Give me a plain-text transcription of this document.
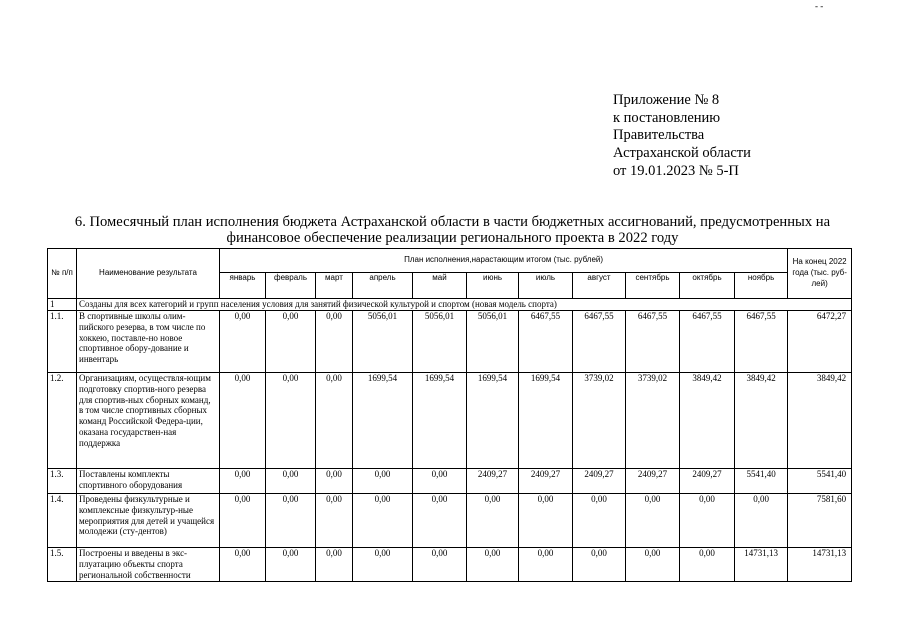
- -
Приложение № 8
к постановлению
Правительства
Астраханской области
от 19.01.2023 № 5-П
6. Помесячный план исполнения бюджета Астраханской области в части бюджетных ассигнований, предусмотренных на финансовое обеспечение реализации регионального проекта в 2022 году
№ п/п	Наименование результата	План исполнения,нарастающим итогом (тыс. рублей)											На конец 2022 года (тыс. руб-лей)
		январь	февраль	март	апрель	май	июнь	июль	август	сентябрь	октябрь	ноябрь	
1	Созданы для всех категорий и групп населения условия для занятий физической культурой и спортом (новая модель спорта)												
1.1.	В спортивные школы олим-пийского резерва, в том числе по хоккею, поставле-но новое спортивное обору-дование и инвентарь	0,00	0,00	0,00	5056,01	5056,01	5056,01	6467,55	6467,55	6467,55	6467,55	6467,55	6472,27
1.2.	Организациям, осуществля-ющим подготовку спортив-ного резерва для спортив-ных сборных команд, в том числе спортивных сборных команд Российской Федера-ции, оказана государствен-ная поддержка	0,00	0,00	0,00	1699,54	1699,54	1699,54	1699,54	3739,02	3739,02	3849,42	3849,42	3849,42
1.3.	Поставлены комплекты спортивного оборудования	0,00	0,00	0,00	0,00	0,00	2409,27	2409,27	2409,27	2409,27	2409,27	5541,40	5541,40
1.4.	Проведены физкультурные и комплексные физкультур-ные мероприятия для детей и учащейся молодежи (сту-дентов)	0,00	0,00	0,00	0,00	0,00	0,00	0,00	0,00	0,00	0,00	0,00	7581,60
1.5.	Построены и введены в экс-плуатацию объекты спорта региональной собственности	0,00	0,00	0,00	0,00	0,00	0,00	0,00	0,00	0,00	0,00	14731,13	14731,13
